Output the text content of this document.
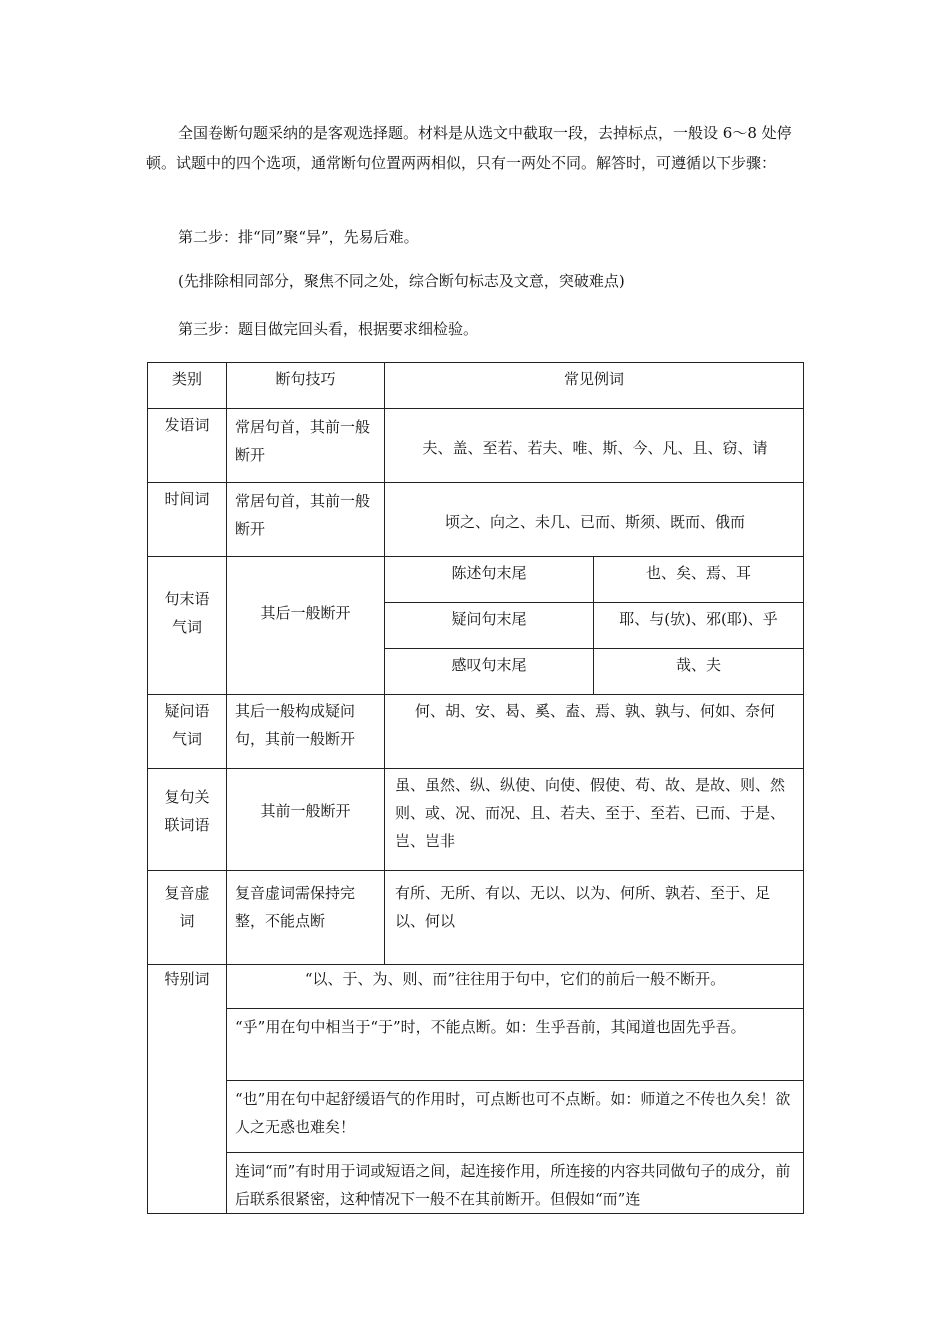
全国卷断句题采纳的是客观选择题。材料是从选文中截取一段，去掉标点，一般设 6～8 处停顿。试题中的四个选项，通常断句位置两两相似，只有一两处不同。解答时，可遵循以下步骤：

第二步：排“同”聚“异”，先易后难。

(先排除相同部分，聚焦不同之处，综合断句标志及文意，突破难点)

第三步：题目做完回头看，根据要求细检验。

类别	断句技巧	常见例词	
发语词	常居句首，其前一般断开	夫、盖、至若、若夫、唯、斯、今、凡、且、窃、请	
时间词	常居句首，其前一般断开	顷之、向之、未几、已而、斯须、既而、俄而	
句末语气词	其后一般断开	陈述句末尾	也、矣、焉、耳
		疑问句末尾	耶、与(欤)、邪(耶)、乎
		感叹句末尾	哉、夫
疑问语气词	其后一般构成疑问句，其前一般断开	何、胡、安、曷、奚、盍、焉、孰、孰与、何如、奈何	
复句关联词语	其前一般断开	虽、虽然、纵、纵使、向使、假使、苟、故、是故、则、然则、或、况、而况、且、若夫、至于、至若、已而、于是、岂、岂非	
复音虚词	复音虚词需保持完整，不能点断	有所、无所、有以、无以、以为、何所、孰若、至于、足以、何以	
特别词	“以、于、为、则、而”往往用于句中，它们的前后一般不断开。		
	“乎”用在句中相当于“于”时，不能点断。如：生乎吾前，其闻道也固先乎吾。		
	“也”用在句中起舒缓语气的作用时，可点断也可不点断。如：师道之不传也久矣！欲人之无惑也难矣！		
	连词“而”有时用于词或短语之间，起连接作用，所连接的内容共同做句子的成分，前后联系很紧密，这种情况下一般不在其前断开。但假如“而”连		
